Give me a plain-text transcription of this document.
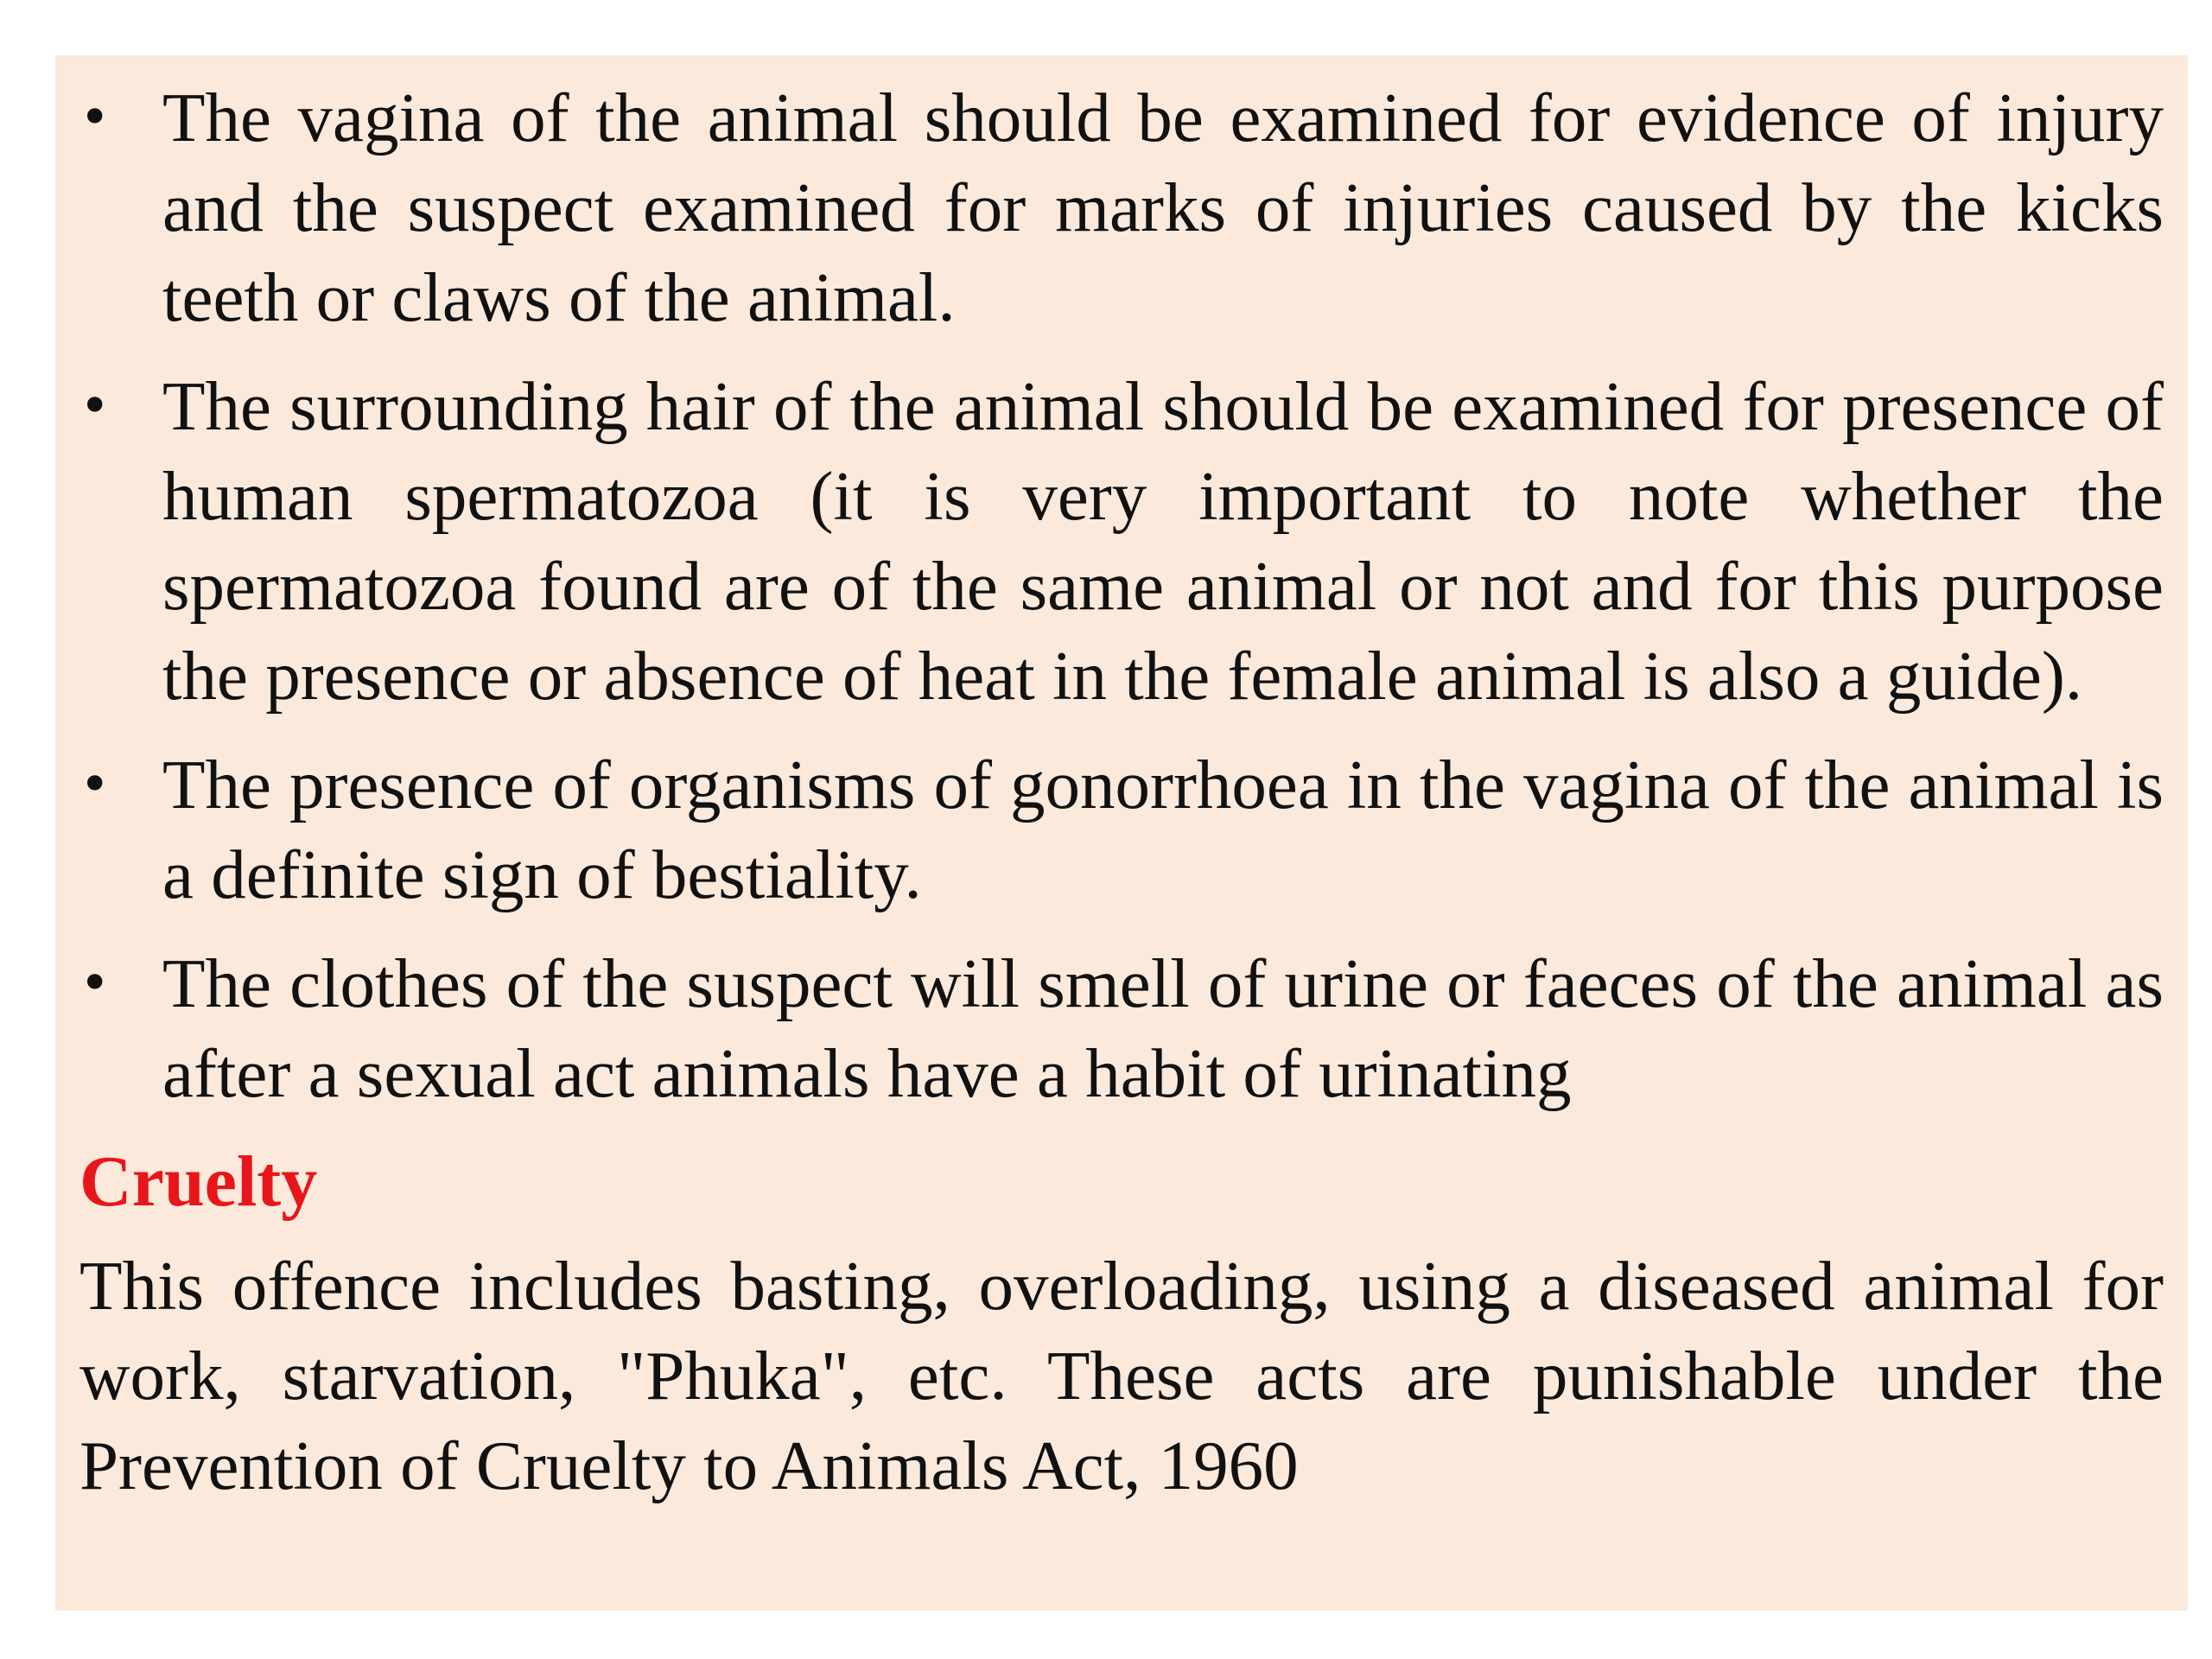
• The vagina of the animal should be examined for evidence of injury and the suspect examined for marks of injuries caused by the kicks teeth or claws of the animal.
• The surrounding hair of the animal should be examined for presence of human spermatozoa (it is very important to note whether the spermatozoa found are of the same animal or not and for this purpose the presence or absence of heat in the female animal is also a guide).
• The presence of organisms of gonorrhoea in the vagina of the animal is a definite sign of bestiality.
• The clothes of the suspect will smell of urine or faeces of the animal as after a sexual act animals have a habit of urinating
Cruelty

This offence includes basting, overloading, using a diseased animal for work, starvation, "Phuka", etc. These acts are punishable under the Prevention of Cruelty to Animals Act, 1960
